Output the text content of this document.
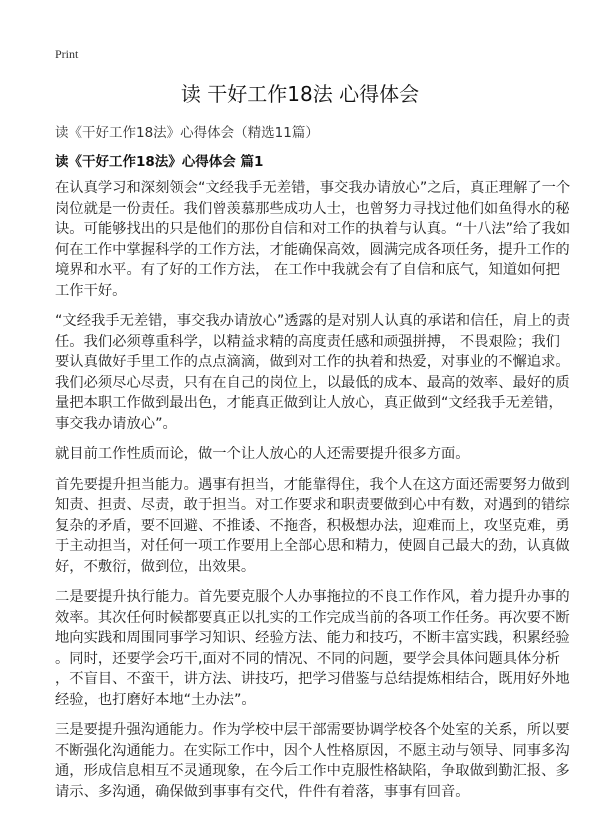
Print
读 干好工作18法 心得体会
读《干好工作18法》心得体会（精选11篇）
读《干好工作18法》心得体会 篇1
在认真学习和深刻领会“文经我手无差错，事交我办请放心”之后，真正理解了一个
岗位就是一份责任。我们曾羡慕那些成功人士，也曾努力寻找过他们如鱼得水的秘
诀。可能够找出的只是他们的那份自信和对工作的执着与认真。“十八法”给了我如
何在工作中掌握科学的工作方法，才能确保高效，圆满完成各项任务，提升工作的
境界和水平。有了好的工作方法， 在工作中我就会有了自信和底气，知道如何把
工作干好。
“文经我手无差错，事交我办请放心”透露的是对别人认真的承诺和信任，肩上的责
任。我们必须尊重科学，以精益求精的高度责任感和顽强拼搏， 不畏艰险；我们
要认真做好手里工作的点点滴滴，做到对工作的执着和热爱，对事业的不懈追求。
我们必须尽心尽责，只有在自己的岗位上，以最低的成本、最高的效率、最好的质
量把本职工作做到最出色，才能真正做到让人放心，真正做到“文经我手无差错，
事交我办请放心”。
就目前工作性质而论，做一个让人放心的人还需要提升很多方面。
首先要提升担当能力。遇事有担当，才能靠得住，我个人在这方面还需要努力做到
知责、担责、尽责，敢于担当。对工作要求和职责要做到心中有数，对遇到的错综
复杂的矛盾，要不回避、不推诿、不拖沓，积极想办法，迎难而上，攻坚克难，勇
于主动担当，对任何一项工作要用上全部心思和精力，使圆自己最大的劲，认真做
好，不敷衍，做到位，出效果。
二是要提升执行能力。首先要克服个人办事拖拉的不良工作作风，着力提升办事的
效率。其次任何时候都要真正以扎实的工作完成当前的各项工作任务。再次要不断
地向实践和周围同事学习知识、经验方法、能力和技巧，不断丰富实践，积累经验
。同时，还要学会巧干,面对不同的情况、不同的问题，要学会具体问题具体分析
，不盲目、不蛮干，讲方法、讲技巧，把学习借鉴与总结提炼相结合，既用好外地
经验，也打磨好本地“土办法”。
三是要提升强沟通能力。作为学校中层干部需要协调学校各个处室的关系，所以要
不断强化沟通能力。在实际工作中，因个人性格原因，不愿主动与领导、同事多沟
通，形成信息相互不灵通现象，在今后工作中克服性格缺陷，争取做到勤汇报、多
请示、多沟通，确保做到事事有交代，件件有着落，事事有回音。
